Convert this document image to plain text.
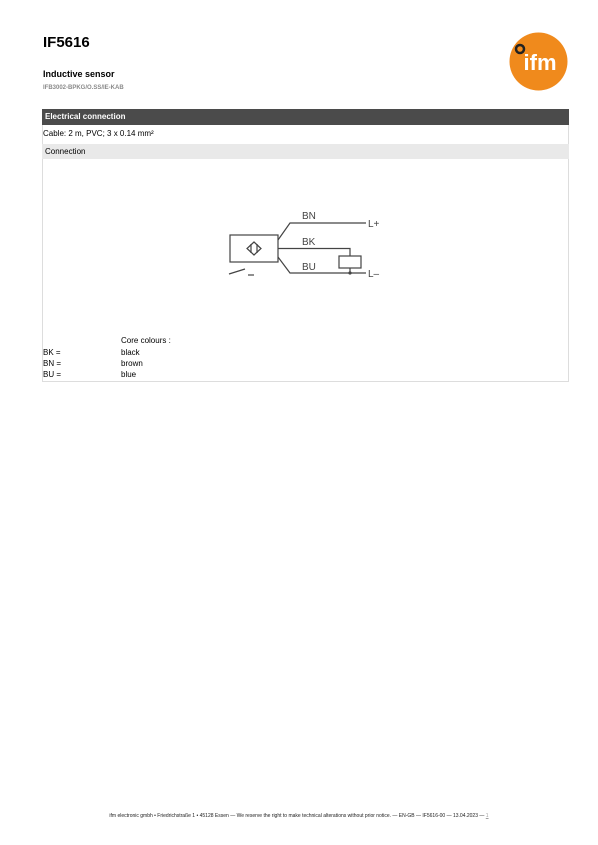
IF5616
Inductive sensor
IFB3002-BPKG/O.SS/IE-KAB
ifm
Electrical connection
Cable: 2 m, PVC; 3 x 0.14 mm²
Connection
BN
BK
BU
L+
L–
Core colours :
BK =	black
BN =	brown
BU =	blue
ifm electronic gmbh • Friedrichstraße 1 • 45128 Essen — We reserve the right to make technical alterations without prior notice. — EN-GB — IF5616-00 — 13.04.2023 — 1
